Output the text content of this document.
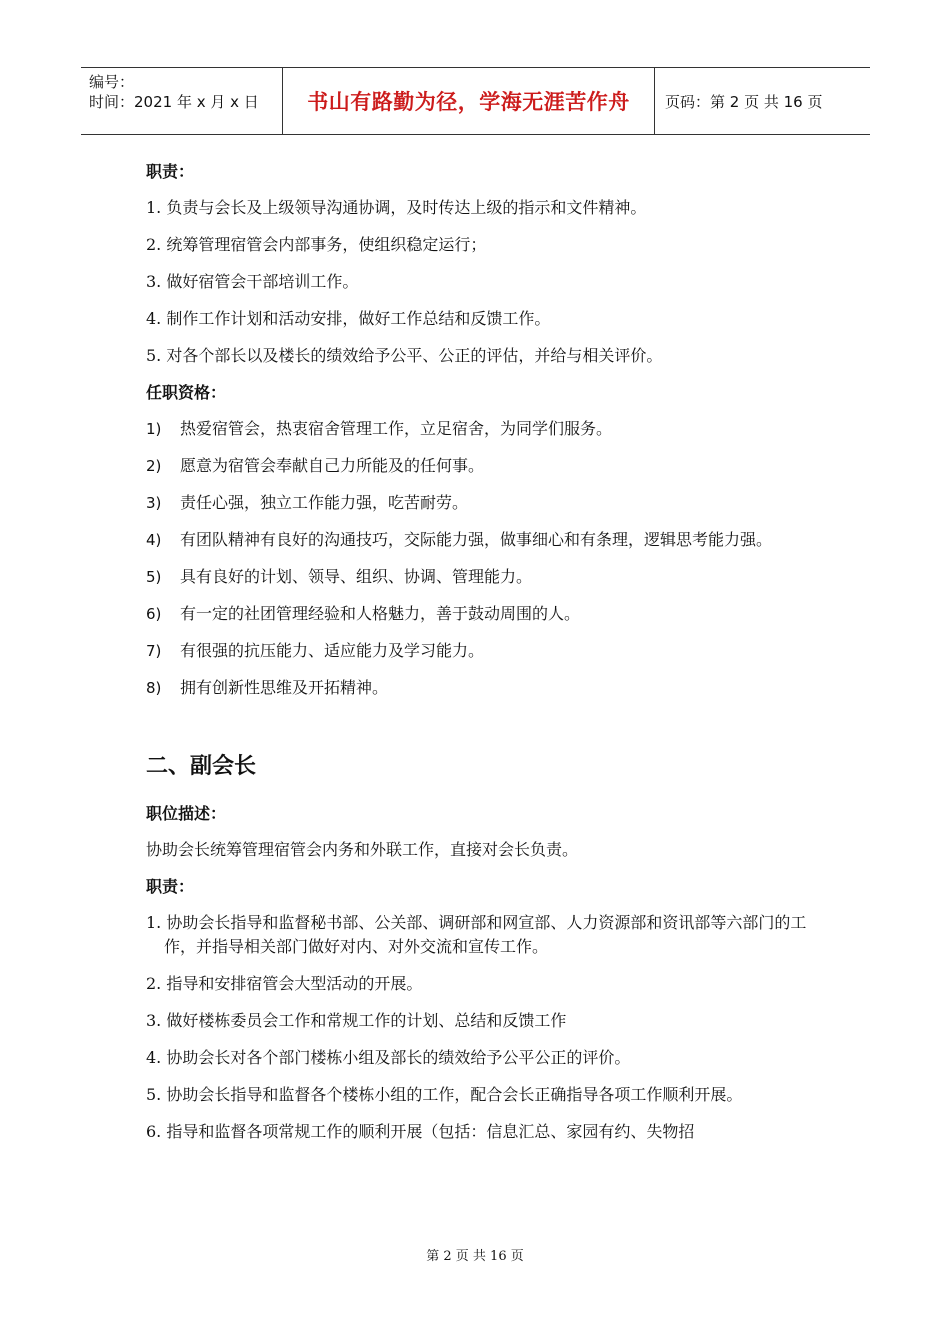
编号：
时间：2021 年 x 月 x 日	书山有路勤为径，学海无涯苦作舟	页码：第 2 页 共 16 页
职责：
1. 负责与会长及上级领导沟通协调，及时传达上级的指示和文件精神。
2. 统筹管理宿管会内部事务，使组织稳定运行；
3. 做好宿管会干部培训工作。
4. 制作工作计划和活动安排，做好工作总结和反馈工作。
5. 对各个部长以及楼长的绩效给予公平、公正的评估，并给与相关评价。
任职资格：
1)	热爱宿管会，热衷宿舍管理工作，立足宿舍，为同学们服务。
2)	愿意为宿管会奉献自己力所能及的任何事。
3)	责任心强，独立工作能力强，吃苦耐劳。
4)	有团队精神有良好的沟通技巧，交际能力强，做事细心和有条理，逻辑思考能力强。
5)	具有良好的计划、领导、组织、协调、管理能力。
6)	有一定的社团管理经验和人格魅力，善于鼓动周围的人。
7)	有很强的抗压能力、适应能力及学习能力。
8)	拥有创新性思维及开拓精神。
二、副会长
职位描述：
协助会长统筹管理宿管会内务和外联工作，直接对会长负责。
职责：
1. 协助会长指导和监督秘书部、公关部、调研部和网宣部、人力资源部和资讯部等六部门的工作，并指导相关部门做好对内、对外交流和宣传工作。
2. 指导和安排宿管会大型活动的开展。
3. 做好楼栋委员会工作和常规工作的计划、总结和反馈工作
4. 协助会长对各个部门楼栋小组及部长的绩效给予公平公正的评价。
5. 协助会长指导和监督各个楼栋小组的工作，配合会长正确指导各项工作顺利开展。
6. 指导和监督各项常规工作的顺利开展（包括：信息汇总、家园有约、失物招
第 2 页 共 16 页
